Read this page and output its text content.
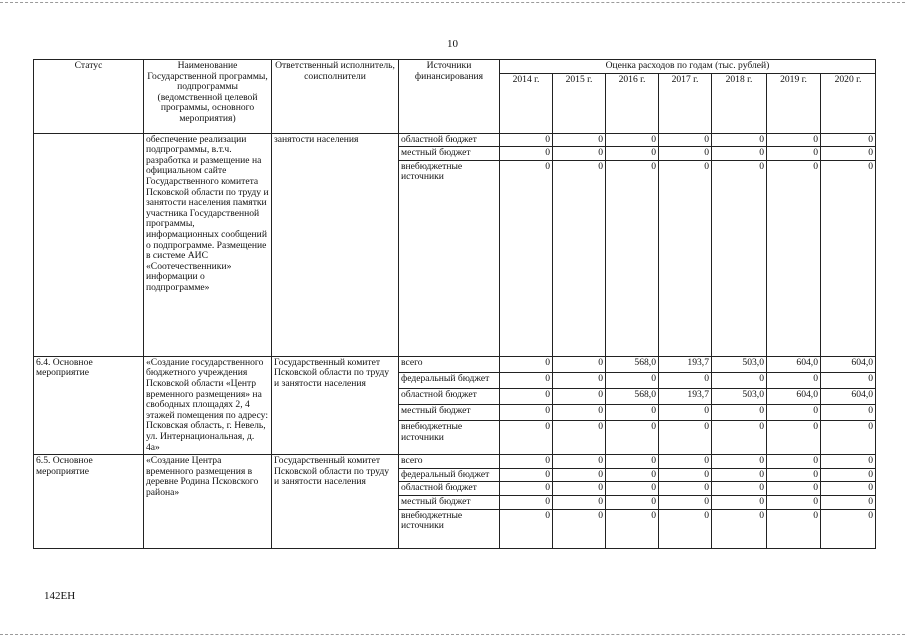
10
Статус	Наименование Государственной программы, подпрограммы (ведомственной целевой программы, основного мероприятия)	Ответственный исполнитель, соисполнители	Источники финансирования	Оценка расходов по годам (тыс. рублей)						
				2014 г.	2015 г.	2016 г.	2017 г.	2018 г.	2019 г.	2020 г.
	обеспечение реализации подпрограммы, в.т.ч. разработка и размещение на официальном сайте Государственного комитета Псковской области по труду и занятости населения памятки участника Государственной программы, информационных сообщений о подпрограмме. Размещение в системе АИС «Соотечественники» информации о подпрограмме»	занятости населения	областной бюджет	0	0	0	0	0	0	0
			местный бюджет	0	0	0	0	0	0	0
			внебюджетные источники	0	0	0	0	0	0	0
6.4. Основное мероприятие	«Создание государственного бюджетного учреждения Псковской области «Центр временного размещения» на свободных площадях 2, 4 этажей помещения по адресу: Псковская область, г. Невель, ул. Интернациональная, д. 4а»	Государственный комитет Псковской области по труду и занятости населения	всего	0	0	568,0	193,7	503,0	604,0	604,0
			федеральный бюджет	0	0	0	0	0	0	0
			областной бюджет	0	0	568,0	193,7	503,0	604,0	604,0
			местный бюджет	0	0	0	0	0	0	0
			внебюджетные источники	0	0	0	0	0	0	0
6.5. Основное мероприятие	«Создание Центра временного размещения в деревне Родина Псковского района»	Государственный комитет Псковской области по труду и занятости населения	всего	0	0	0	0	0	0	0
			федеральный бюджет	0	0	0	0	0	0	0
			областной бюджет	0	0	0	0	0	0	0
			местный бюджет	0	0	0	0	0	0	0
			внебюджетные источники	0	0	0	0	0	0	0
142EH
